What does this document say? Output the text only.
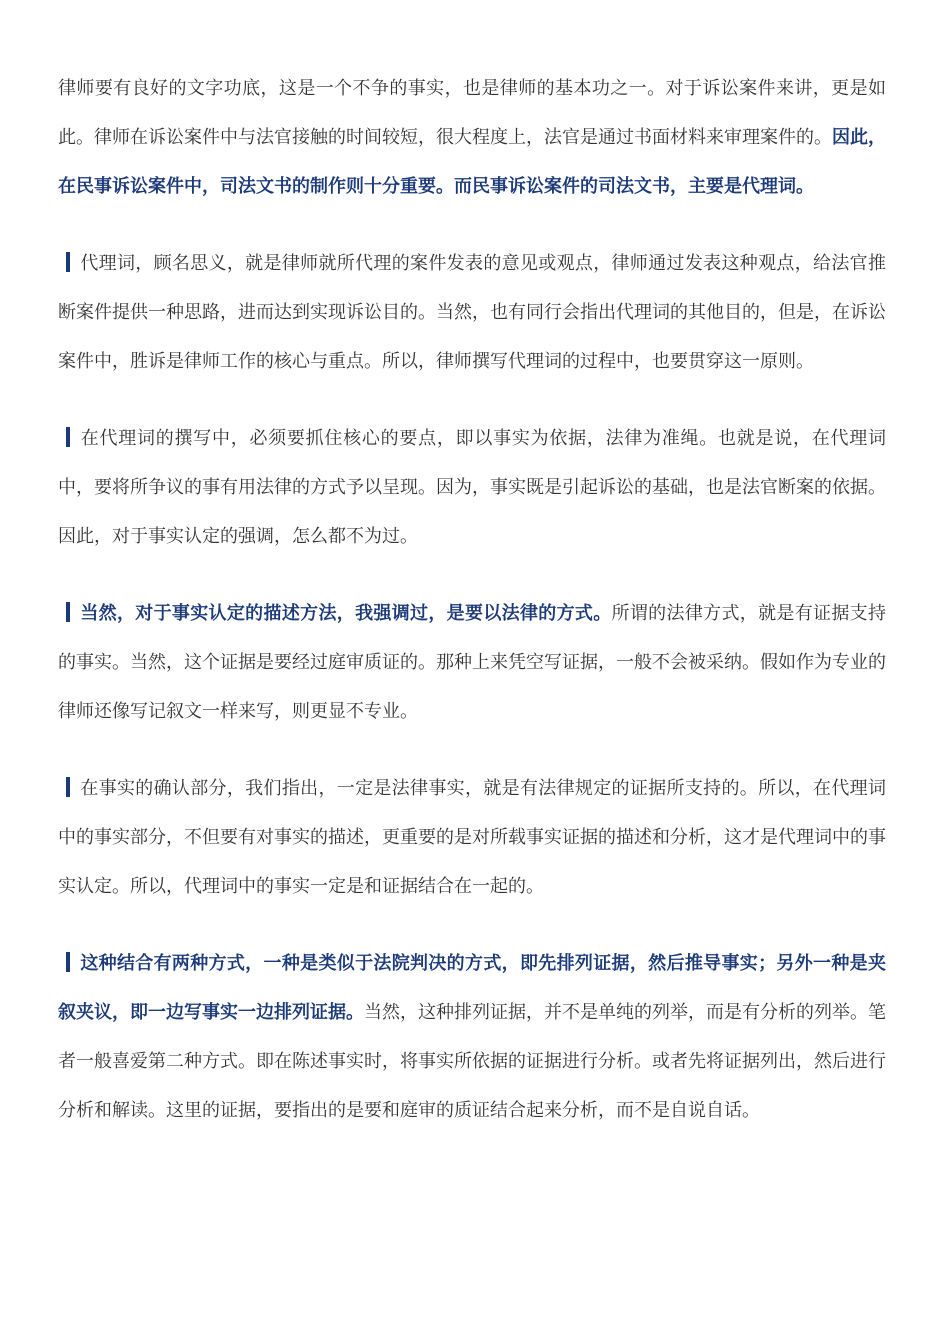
律师要有良好的文字功底，这是一个不争的事实，也是律师的基本功之一。对于诉讼案件来讲，更是如此。律师在诉讼案件中与法官接触的时间较短，很大程度上，法官是通过书面材料来审理案件的。因此，在民事诉讼案件中，司法文书的制作则十分重要。而民事诉讼案件的司法文书，主要是代理词。

代理词，顾名思义，就是律师就所代理的案件发表的意见或观点，律师通过发表这种观点，给法官推断案件提供一种思路，进而达到实现诉讼目的。当然，也有同行会指出代理词的其他目的，但是，在诉讼案件中，胜诉是律师工作的核心与重点。所以，律师撰写代理词的过程中，也要贯穿这一原则。

在代理词的撰写中，必须要抓住核心的要点，即以事实为依据，法律为准绳。也就是说，在代理词中，要将所争议的事有用法律的方式予以呈现。因为，事实既是引起诉讼的基础，也是法官断案的依据。因此，对于事实认定的强调，怎么都不为过。

当然，对于事实认定的描述方法，我强调过，是要以法律的方式。所谓的法律方式，就是有证据支持的事实。当然，这个证据是要经过庭审质证的。那种上来凭空写证据，一般不会被采纳。假如作为专业的律师还像写记叙文一样来写，则更显不专业。

在事实的确认部分，我们指出，一定是法律事实，就是有法律规定的证据所支持的。所以，在代理词中的事实部分，不但要有对事实的描述，更重要的是对所载事实证据的描述和分析，这才是代理词中的事实认定。所以，代理词中的事实一定是和证据结合在一起的。

这种结合有两种方式，一种是类似于法院判决的方式，即先排列证据，然后推导事实；另外一种是夹叙夹议，即一边写事实一边排列证据。当然，这种排列证据，并不是单纯的列举，而是有分析的列举。笔者一般喜爱第二种方式。即在陈述事实时，将事实所依据的证据进行分析。或者先将证据列出，然后进行分析和解读。这里的证据，要指出的是要和庭审的质证结合起来分析，而不是自说自话。
